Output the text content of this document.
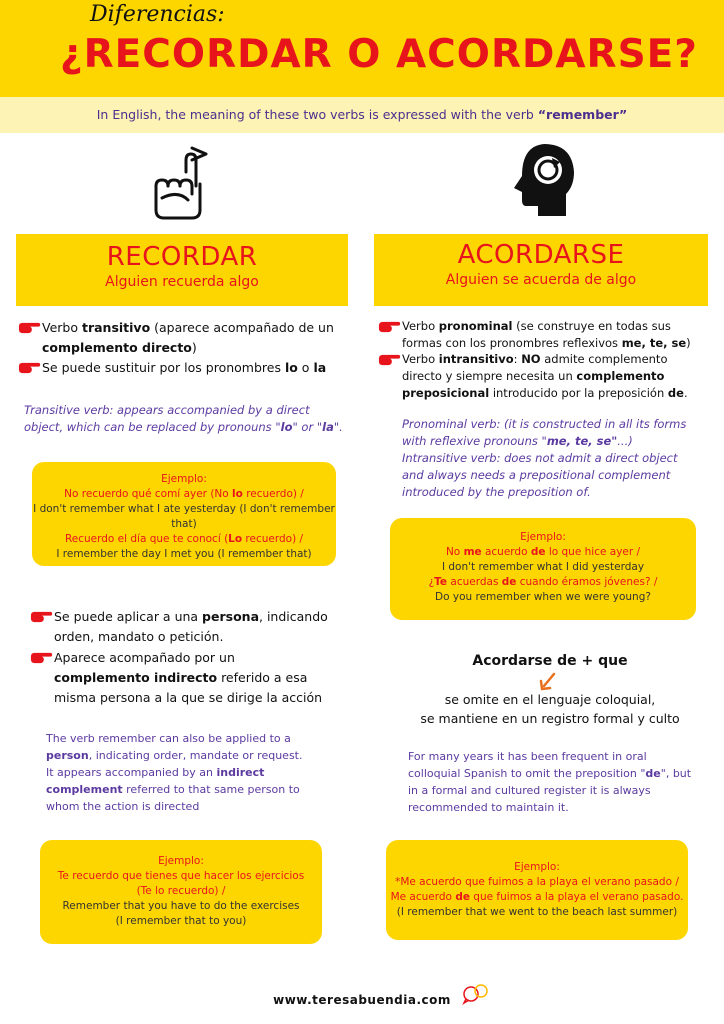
Diferencias:
¿RECORDAR O ACORDARSE?
In English, the meaning of these two verbs is expressed with the verb “remember”
RECORDAR
Alguien recuerda algo
ACORDARSE
Alguien se acuerda de algo
Verbo transitivo (aparece acompañado de un complemento directo)
Se puede sustituir por los pronombres lo o la
Transitive verb: appears accompanied by a direct object, which can be replaced by pronouns "lo" or "la".
Ejemplo:
No recuerdo qué comí ayer (No lo recuerdo) /
I don't remember what I ate yesterday (I don't remember that)
Recuerdo el día que te conocí (Lo recuerdo) /
I remember the day I met you (I remember that)
Se puede aplicar a una persona, indicando orden, mandato o petición.
Aparece acompañado por un complemento indirecto referido a esa misma persona a la que se dirige la acción
The verb remember can also be applied to a person, indicating order, mandate or request.
It appears accompanied by an indirect complement referred to that same person to whom the action is directed
Ejemplo:
Te recuerdo que tienes que hacer los ejercicios
(Te lo recuerdo) /
Remember that you have to do the exercises
(I remember that to you)
Verbo pronominal (se construye en todas sus formas con los pronombres reflexivos me, te, se)
Verbo intransitivo: NO admite complemento directo y siempre necesita un complemento preposicional introducido por la preposición de.
Pronominal verb: (it is constructed in all its forms with reflexive pronouns "me, te, se"...)
Intransitive verb: does not admit a direct object and always needs a prepositional complement introduced by the preposition of.
Ejemplo:
No me acuerdo de lo que hice ayer /
I don't remember what I did yesterday
¿Te acuerdas de cuando éramos jóvenes? /
Do you remember when we were young?
Acordarse de + que
se omite en el lenguaje coloquial,
se mantiene en un registro formal y culto
For many years it has been frequent in oral colloquial Spanish to omit the preposition "de", but in a formal and cultured register it is always recommended to maintain it.
Ejemplo:
*Me acuerdo que fuimos a la playa el verano pasado /
Me acuerdo de que fuimos a la playa el verano pasado.
(I remember that we went to the beach last summer)
www.teresabuendia.com
